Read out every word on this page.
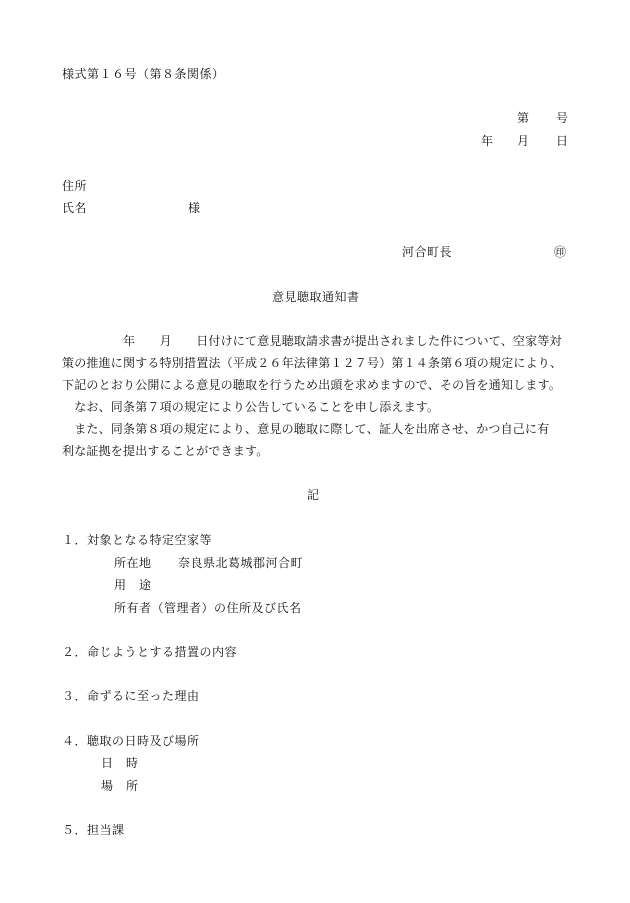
様式第１６号（第８条関係）
第 号
年 月 日
住所
氏名	様
河合町長	㊞
意見聴取通知書
　　　　　年　　月　　日付けにて意見聴取請求書が提出されました件について、空家等対
策の推進に関する特別措置法（平成２６年法律第１２７号）第１４条第６項の規定により、
下記のとおり公開による意見の聴取を行うため出頭を求めますので、その旨を通知します。
　なお、同条第７項の規定により公告していることを申し添えます。
　また、同条第８項の規定により、意見の聴取に際して、証人を出席させ、かつ自己に有
利な証拠を提出することができます。
記
１．対象となる特定空家等
所在地 奈良県北葛城郡河合町
用　途
所有者（管理者）の住所及び氏名
２．命じようとする措置の内容
３．命ずるに至った理由
４．聴取の日時及び場所
日　時
場　所
５．担当課
